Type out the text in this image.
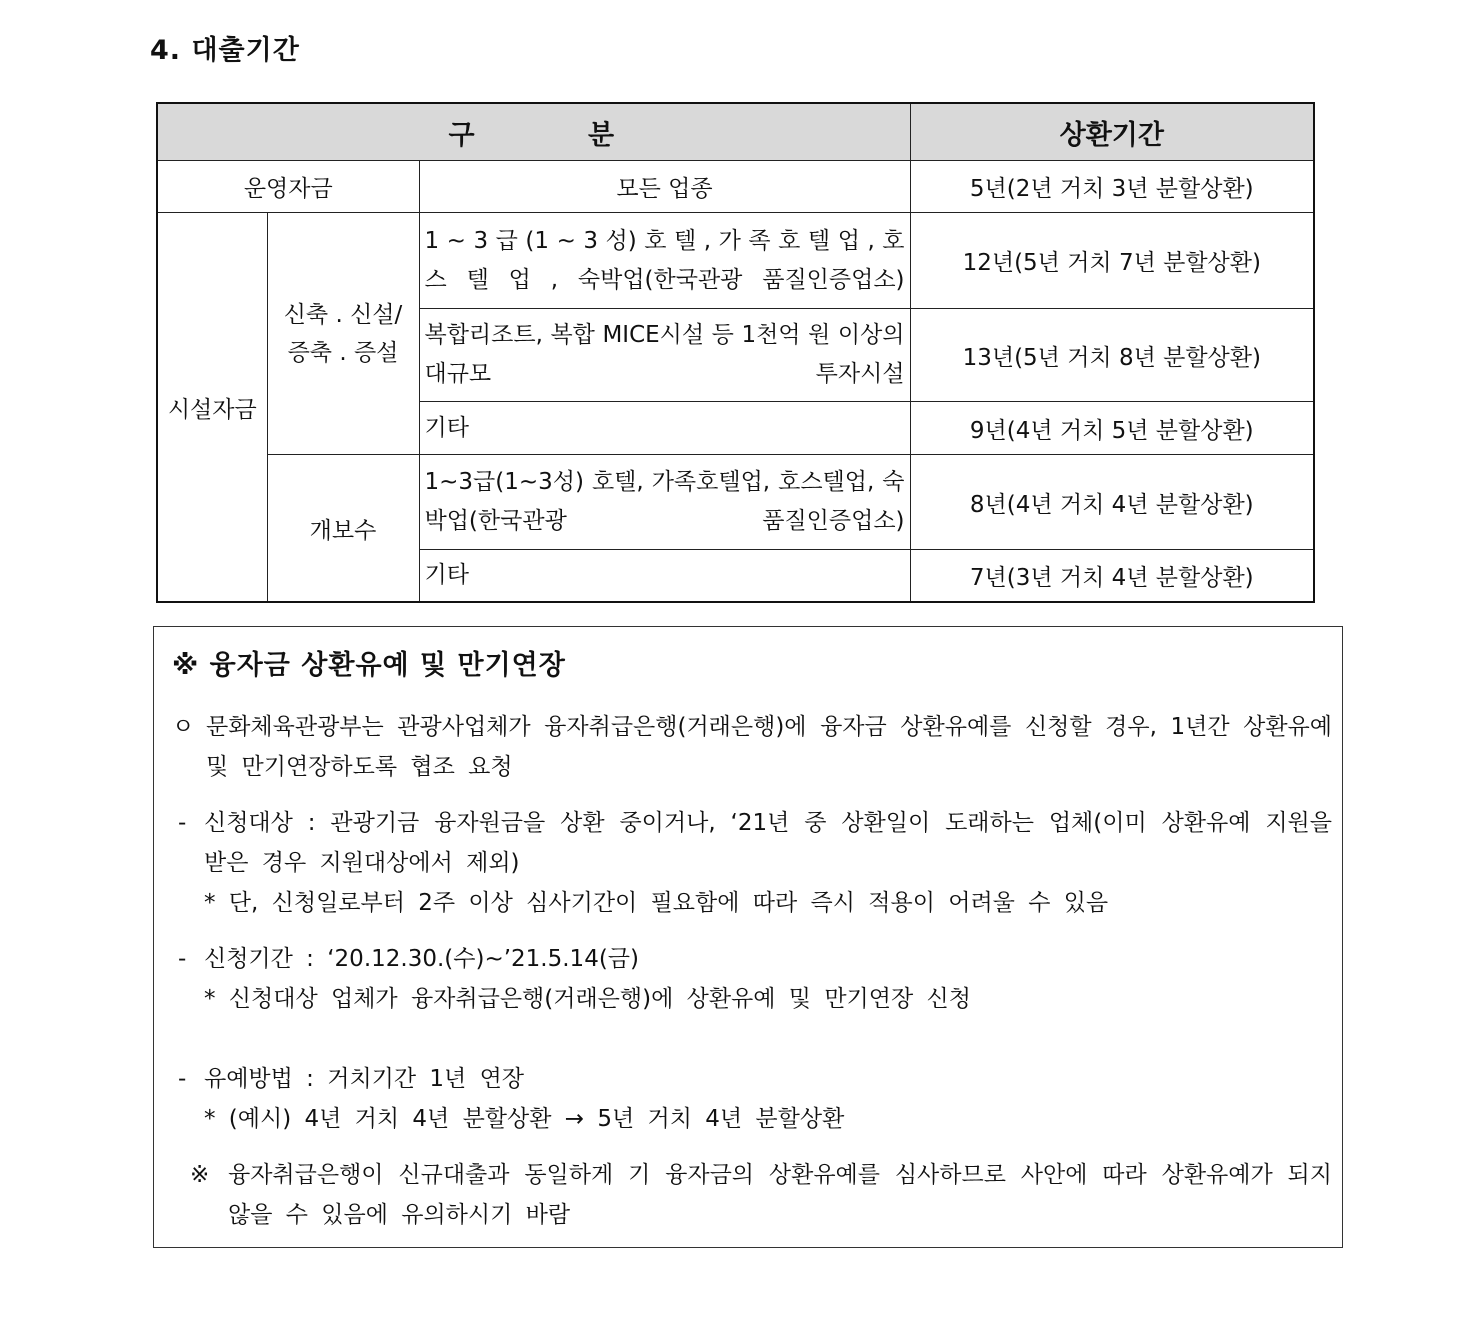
4. 대출기간
구 분			상환기간
운영자금		모든 업종	5년(2년 거치 3년 분할상환)
시설자금	신축 . 신설/ 증축 . 증설	1 ~ 3 급 (1 ~ 3 성) 호 텔 , 가 족 호 텔 업 , 호 스 텔 업 , 숙박업(한국관광 품질인증업소)	12년(5년 거치 7년 분할상환)

		복합리조트, 복합 MICE시설 등 1천억 원 이상의 대규모 투자시설	13년(5년 거치 8년 분할상환)
		기타	9년(4년 거치 5년 분할상환)
	개보수	1~3급(1~3성) 호텔, 가족호텔업, 호스텔업, 숙박업(한국관광 품질인증업소)	8년(4년 거치 4년 분할상환)
		기타	7년(3년 거치 4년 분할상환)
※ 융자금 상환유예 및 만기연장
ㅇ 문화체육관광부는 관광사업체가 융자취급은행(거래은행)에 융자금 상환유예를 신청할 경우, 1년간 상환유예 및 만기연장하도록 협조 요청
- 신청대상 : 관광기금 융자원금을 상환 중이거나, ‘21년 중 상환일이 도래하는 업체(이미 상환유예 지원을 받은 경우 지원대상에서 제외)
* 단, 신청일로부터 2주 이상 심사기간이 필요함에 따라 즉시 적용이 어려울 수 있음
- 신청기간 : ‘20.12.30.(수)~’21.5.14(금)
* 신청대상 업체가 융자취급은행(거래은행)에 상환유예 및 만기연장 신청
- 유예방법 : 거치기간 1년 연장
* (예시) 4년 거치 4년 분할상환 → 5년 거치 4년 분할상환
※ 융자취급은행이 신규대출과 동일하게 기 융자금의 상환유예를 심사하므로 사안에 따라 상환유예가 되지 않을 수 있음에 유의하시기 바람
